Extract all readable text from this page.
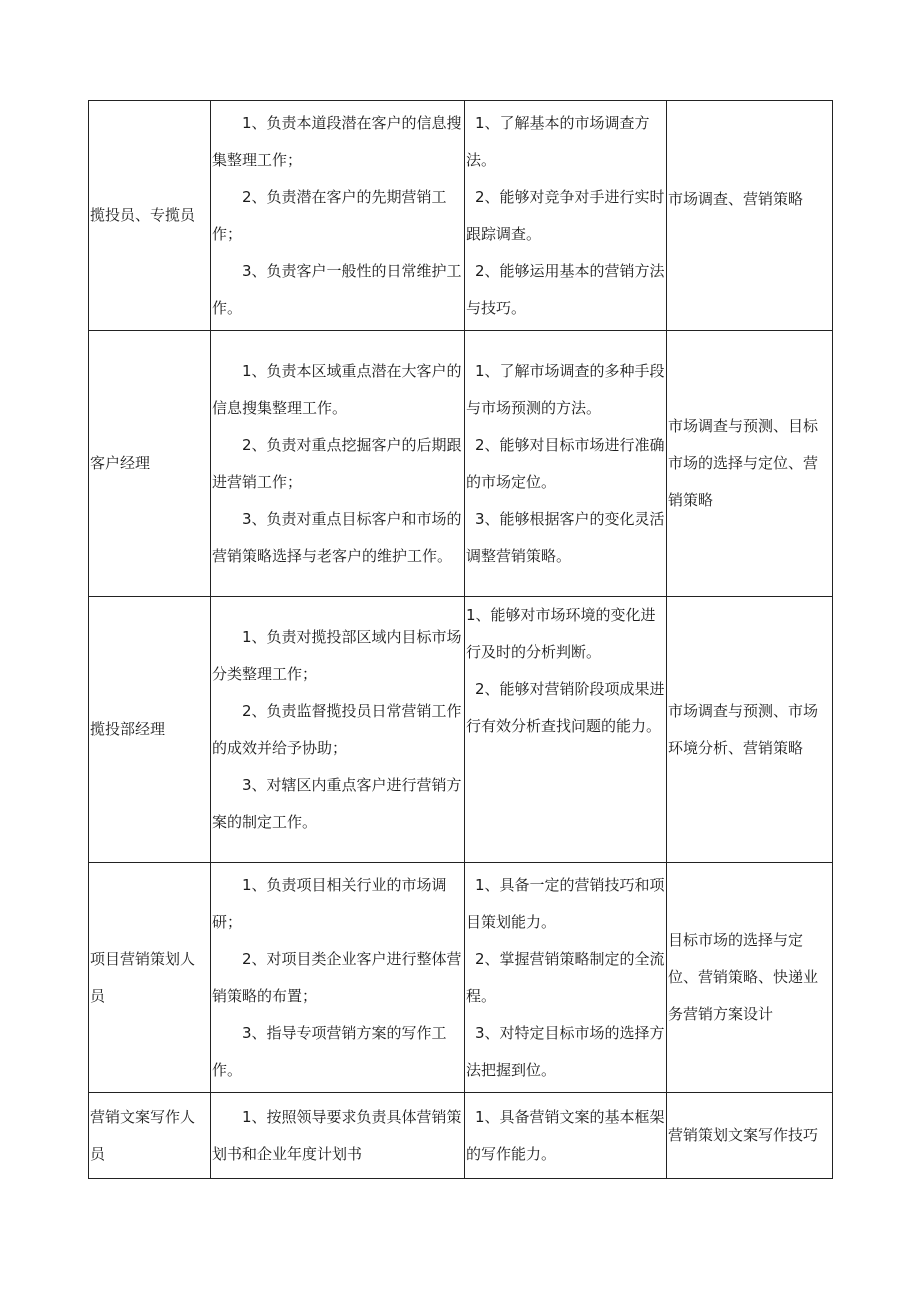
揽投员、专揽员	1、负责本道段潜在客户的信息搜集整理工作；
2、负责潜在客户的先期营销工作；
3、负责客户一般性的日常维护工作。	1、了解基本的市场调查方法。
2、能够对竞争对手进行实时跟踪调查。
2、能够运用基本的营销方法与技巧。	市场调查、营销策略
客户经理	1、负责本区域重点潜在大客户的信息搜集整理工作。
2、负责对重点挖掘客户的后期跟进营销工作；
3、负责对重点目标客户和市场的营销策略选择与老客户的维护工作。	1、了解市场调查的多种手段与市场预测的方法。
2、能够对目标市场进行准确的市场定位。
3、能够根据客户的变化灵活调整营销策略。	市场调查与预测、目标市场的选择与定位、营销策略
揽投部经理	1、负责对揽投部区域内目标市场分类整理工作；
2、负责监督揽投员日常营销工作的成效并给予协助；
3、对辖区内重点客户进行营销方案的制定工作。	1、能够对市场环境的变化进行及时的分析判断。
2、能够对营销阶段项成果进行有效分析查找问题的能力。	市场调查与预测、市场环境分析、营销策略
项目营销策划人员	1、负责项目相关行业的市场调研；
2、对项目类企业客户进行整体营销策略的布置；
3、指导专项营销方案的写作工作。	1、具备一定的营销技巧和项目策划能力。
2、掌握营销策略制定的全流程。
3、对特定目标市场的选择方法把握到位。	目标市场的选择与定位、营销策略、快递业务营销方案设计
营销文案写作人员	1、按照领导要求负责具体营销策划书和企业年度计划书	1、具备营销文案的基本框架的写作能力。	营销策划文案写作技巧
